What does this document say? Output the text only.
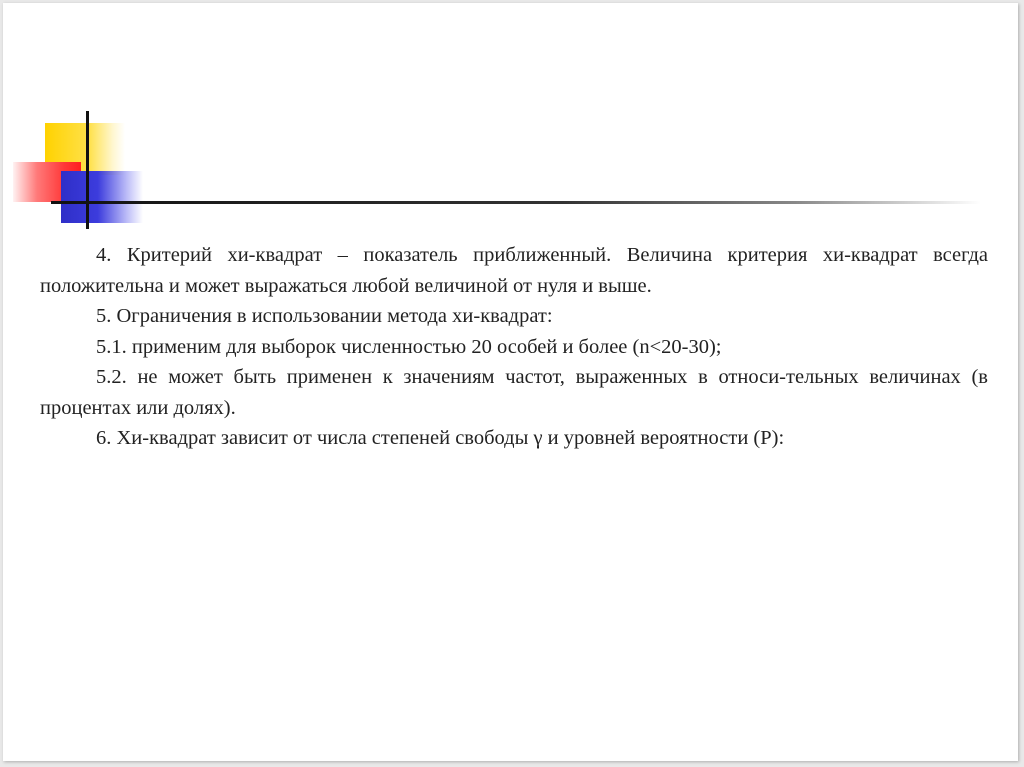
4. Критерий хи-квадрат – показатель приближенный. Величина критерия хи-квадрат всегда положительна и может выражаться любой величиной от нуля и выше.

5. Ограничения в использовании метода хи-квадрат:

5.1. применим для выборок численностью 20 особей и более (n<20-30);

5.2. не может быть применен к значениям частот, выраженных в относи-тельных величинах (в процентах или долях).

6. Хи-квадрат зависит от числа степеней свободы γ и уровней вероятности (P):
